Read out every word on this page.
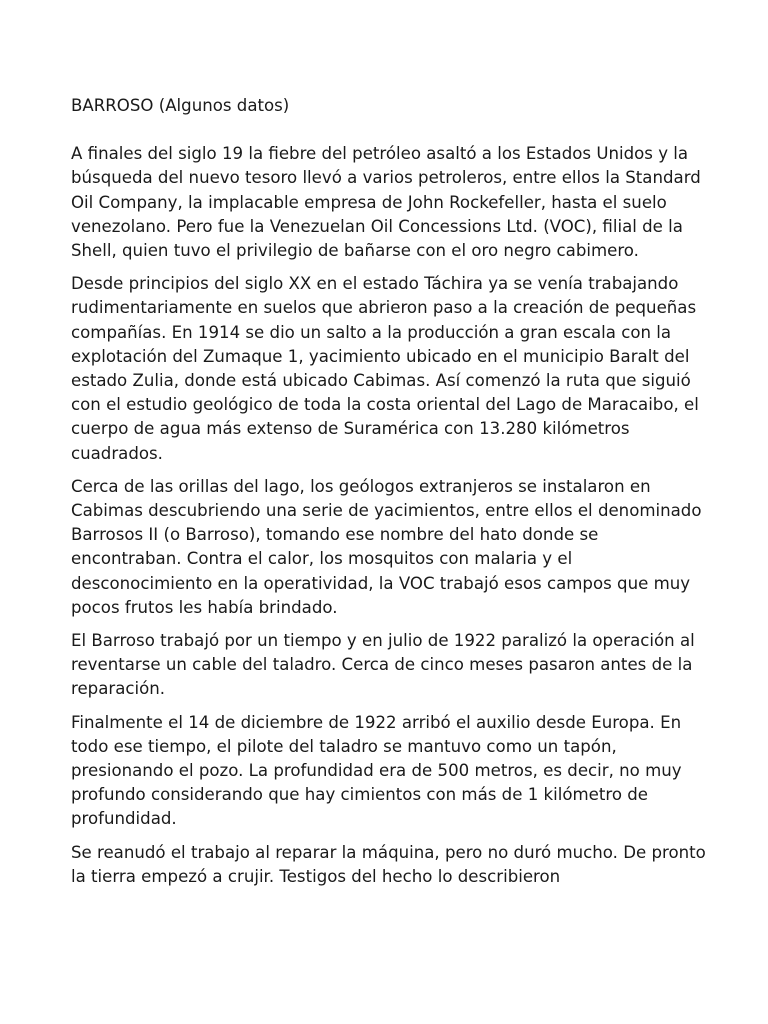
BARROSO (Algunos datos)

A finales del siglo 19 la fiebre del petróleo asaltó a los Estados Unidos y la búsqueda del nuevo tesoro llevó a varios petroleros, entre ellos la Standard Oil Company, la implacable empresa de John Rockefeller, hasta el suelo venezolano. Pero fue la Venezuelan Oil Concessions Ltd. (VOC), filial de la Shell, quien tuvo el privilegio de bañarse con el oro negro cabimero.

Desde principios del siglo XX en el estado Táchira ya se venía trabajando rudimentariamente en suelos que abrieron paso a la creación de pequeñas compañías. En 1914 se dio un salto a la producción a gran escala con la explotación del Zumaque 1, yacimiento ubicado en el municipio Baralt del estado Zulia, donde está ubicado Cabimas. Así comenzó la ruta que siguió con el estudio geológico de toda la costa oriental del Lago de Maracaibo, el cuerpo de agua más extenso de Suramérica con 13.280 kilómetros cuadrados.

Cerca de las orillas del lago, los geólogos extranjeros se instalaron en Cabimas descubriendo una serie de yacimientos, entre ellos el denominado Barrosos II (o Barroso), tomando ese nombre del hato donde se encontraban. Contra el calor, los mosquitos con malaria y el desconocimiento en la operatividad, la VOC trabajó esos campos que muy pocos frutos les había brindado.

El Barroso trabajó por un tiempo y en julio de 1922 paralizó la operación al reventarse un cable del taladro. Cerca de cinco meses pasaron antes de la reparación.

Finalmente el 14 de diciembre de 1922 arribó el auxilio desde Europa. En todo ese tiempo, el pilote del taladro se mantuvo como un tapón, presionando el pozo. La profundidad era de 500 metros, es decir, no muy profundo considerando que hay cimientos con más de 1 kilómetro de profundidad.

Se reanudó el trabajo al reparar la máquina, pero no duró mucho. De pronto la tierra empezó a crujir. Testigos del hecho lo describieron
